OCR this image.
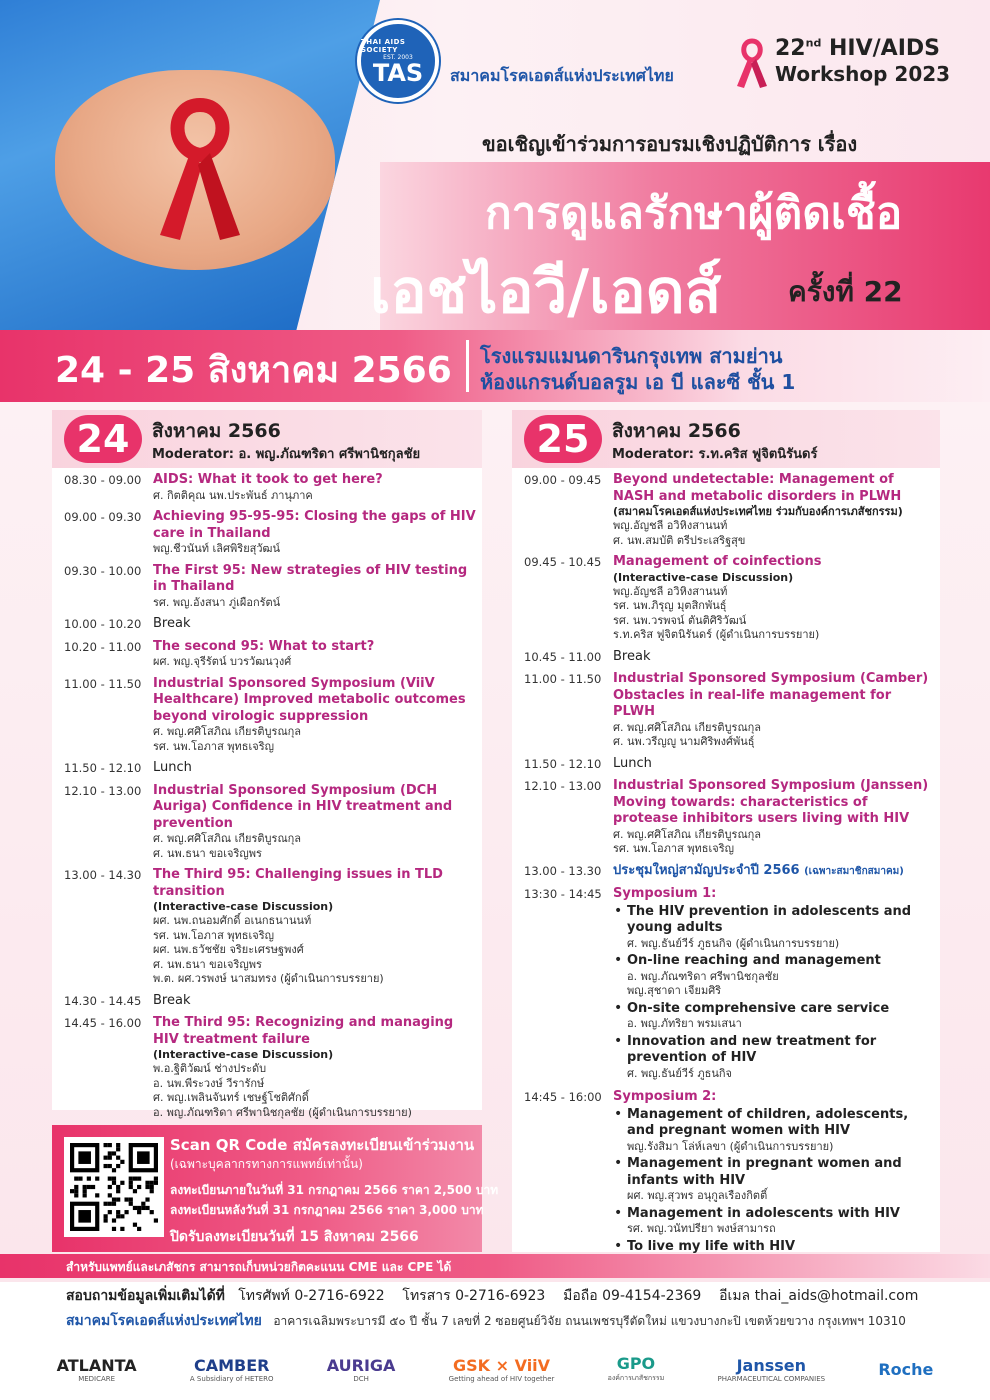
THAI AIDS SOCIETY
EST. 2003
TAS สมาคมโรคเอดส์แห่งประเทศไทย
22nd HIV/AIDS
Workshop 2023
ขอเชิญเข้าร่วมการอบรมเชิงปฏิบัติการ เรื่อง
การดูแลรักษาผู้ติดเชื้อ
เอชไอวี/เอดส์ ครั้งที่ 22
24 - 25 สิงหาคม 2566 โรงแรมแมนดารินกรุงเทพ สามย่าน
ห้องแกรนด์บอลรูม เอ บี และซี ชั้น 1
24	สิงหาคม 2566
Moderator: อ. พญ.ภัณฑริดา ศรีพานิชกุลชัย
08.30 - 09.00 AIDS: What it took to get here?
ศ. กิตติคุณ นพ.ประพันธ์ ภานุภาค
09.00 - 09.30 Achieving 95-95-95: Closing the gaps of HIV care in Thailand
พญ.ชีวนันท์ เลิศพิริยสุวัฒน์
09.30 - 10.00 The First 95: New strategies of HIV testing in Thailand
รศ. พญ.อังสนา ภู่เผือกรัตน์
10.00 - 10.20 Break
10.20 - 11.00 The second 95: What to start?
ผศ. พญ.จุรีรัตน์ บวรวัฒนวุงศ์
11.00 - 11.50 Industrial Sponsored Symposium (ViiV Healthcare) Improved metabolic outcomes beyond virologic suppression
ศ. พญ.ศศิโสภิณ เกียรติบูรณกุล
รศ. นพ.โอภาส พุทธเจริญ
11.50 - 12.10 Lunch
12.10 - 13.00 Industrial Sponsored Symposium (DCH Auriga) Confidence in HIV treatment and prevention
ศ. พญ.ศศิโสภิณ เกียรติบูรณกุล
ศ. นพ.ธนา ขอเจริญพร
13.00 - 14.30 The Third 95: Challenging issues in TLD transition
(Interactive-case Discussion)
ผศ. นพ.ถนอมศักดิ์ อเนกธนานนท์
รศ. นพ.โอภาส พุทธเจริญ
ผศ. นพ.ธวัชชัย จริยะเศรษฐพงศ์
ศ. นพ.ธนา ขอเจริญพร
พ.ต. ผศ.วรพงษ์ นาสมทรง (ผู้ดำเนินการบรรยาย)
14.30 - 14.45 Break
14.45 - 16.00 The Third 95: Recognizing and managing HIV treatment failure
(Interactive-case Discussion)
พ.อ.ฐิติวัฒน์ ช่างประดับ
อ. นพ.พีระวงษ์ วีรารักษ์
ศ. พญ.เพลินจันทร์ เชษฐ์โชติศักดิ์
อ. พญ.ภัณฑริดา ศรีพานิชกุลชัย (ผู้ดำเนินการบรรยาย)
25	สิงหาคม 2566
Moderator: ร.ท.คริส ฟูจิตนิรันดร์
09.00 - 09.45 Beyond undetectable: Management of NASH and metabolic disorders in PLWH
(สมาคมโรคเอดส์แห่งประเทศไทย ร่วมกับองค์การเภสัชกรรม)
พญ.อัญชลี อวิหิงสานนท์
ศ. นพ.สมบัติ ตรีประเสริฐสุข
09.45 - 10.45 Management of coinfections
(Interactive-case Discussion)
พญ.อัญชลี อวิหิงสานนท์
รศ. นพ.ภิรุญ มุตสิกพันธุ์
รศ. นพ.วรพจน์ ตันติศิริวัฒน์
ร.ท.คริส ฟูจิตนิรันดร์ (ผู้ดำเนินการบรรยาย)
10.45 - 11.00 Break
11.00 - 11.50 Industrial Sponsored Symposium (Camber) Obstacles in real-life management for PLWH
ศ. พญ.ศศิโสภิณ เกียรติบูรณกุล
ศ. นพ.วรีญญู นามศิริพงศ์พันธุ์
11.50 - 12.10 Lunch
12.10 - 13.00 Industrial Sponsored Symposium (Janssen) Moving towards: characteristics of protease inhibitors users living with HIV
ศ. พญ.ศศิโสภิณ เกียรติบูรณกุล
รศ. นพ.โอภาส พุทธเจริญ
13.00 - 13.30 ประชุมใหญ่สามัญประจำปี 2566 (เฉพาะสมาชิกสมาคม)
13:30 - 14:45 Symposium 1:
• The HIV prevention in adolescents and young adults
ศ. พญ.ธันย์วีร์ ภูธนกิจ (ผู้ดำเนินการบรรยาย)
• On-line reaching and management
อ. พญ.ภัณฑริดา ศรีพานิชกุลชัย
พญ.สุชาดา เจียมศิริ
• On-site comprehensive care service
อ. พญ.ภัทริยา พรมเสนา
• Innovation and new treatment for prevention of HIV
ศ. พญ.ธันย์วีร์ ภูธนกิจ
14:45 - 16:00 Symposium 2:
• Management of children, adolescents, and pregnant women with HIV
พญ.รังสิมา โล่ห์เลขา (ผู้ดำเนินการบรรยาย)
• Management in pregnant women and infants with HIV
ผศ. พญ.สุวพร อนุกูลเรืองกิตติ์
• Management in adolescents with HIV
รศ. พญ.วนัทปรียา พงษ์สามารถ
• To live my life with HIV
Scan QR Code สมัครลงทะเบียนเข้าร่วมงาน
(เฉพาะบุคลากรทางการแพทย์เท่านั้น)
ลงทะเบียนภายในวันที่ 31 กรกฎาคม 2566 ราคา 2,500 บาท
ลงทะเบียนหลังวันที่ 31 กรกฎาคม 2566 ราคา 3,000 บาท
ปิดรับลงทะเบียนวันที่ 15 สิงหาคม 2566
สำหรับแพทย์และเภสัชกร สามารถเก็บหน่วยกิตคะแนน CME และ CPE ได้
สอบถามข้อมูลเพิ่มเติมได้ที่ โทรศัพท์ 0-2716-6922 โทรสาร 0-2716-6923 มือถือ 09-4154-2369 อีเมล thai_aids@hotmail.com
สมาคมโรคเอดส์แห่งประเทศไทย อาคารเฉลิมพระบารมี ๕๐ ปี ชั้น 7 เลขที่ 2 ซอยศูนย์วิจัย ถนนเพชรบุรีตัดใหม่ แขวงบางกะปิ เขตห้วยขวาง กรุงเทพฯ 10310
ATLANTA
MEDICARE
CAMBER
A Subsidiary of HETERO
AURIGA
DCH
GSK × ViiV
Getting ahead of HIV together
GPO
องค์การเภสัชกรรม
Janssen
PHARMACEUTICAL COMPANIES	Roche
